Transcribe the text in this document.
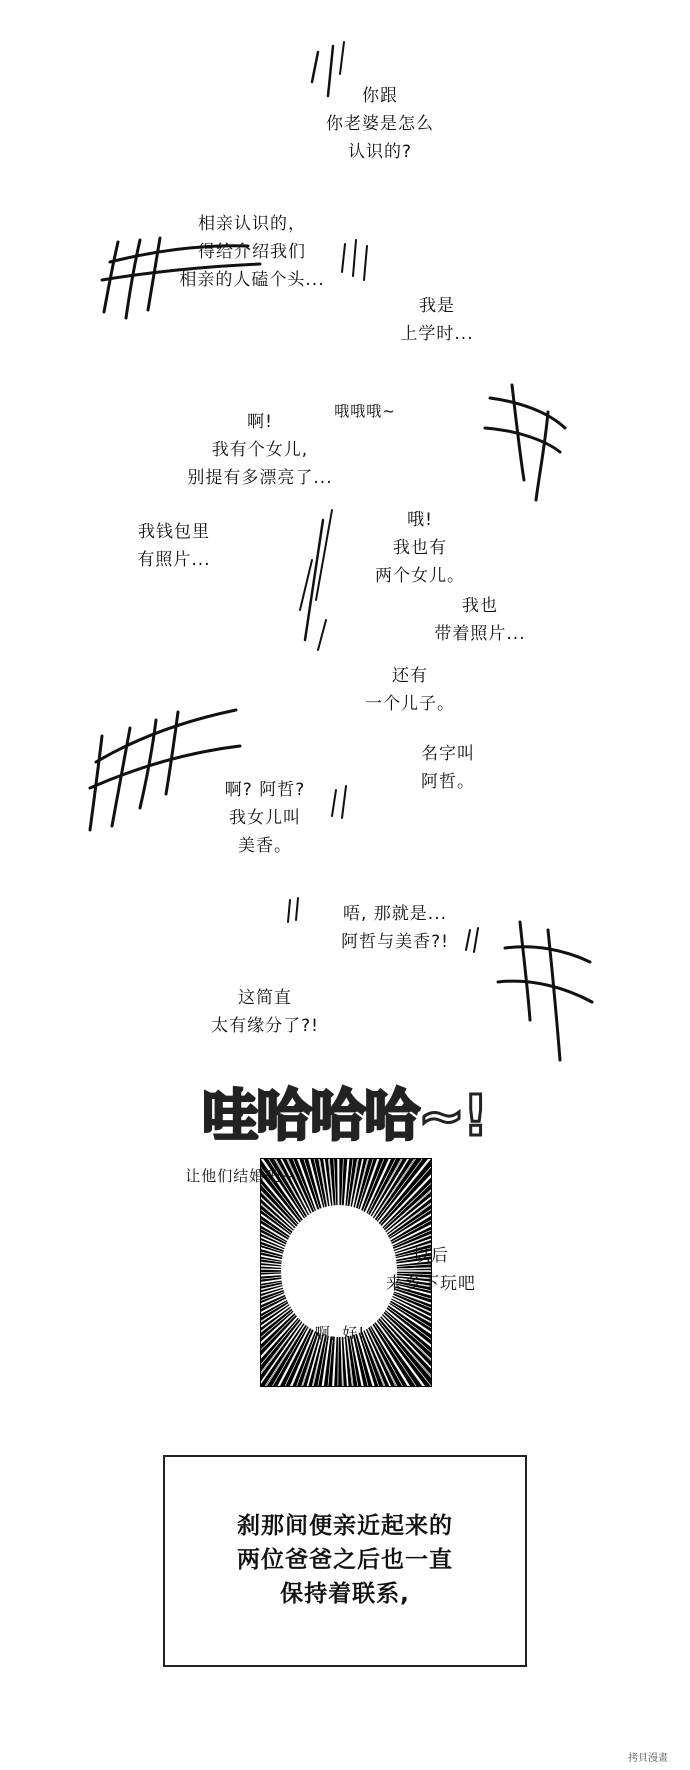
你跟
你老婆是怎么
认识的?
相亲认识的，
得给介绍我们
相亲的人磕个头...
我是
上学时...
哦哦哦~
啊!
我有个女儿,
别提有多漂亮了...
我钱包里
有照片...
哦!
我也有
两个女儿。
我也
带着照片...
还有
一个儿子。
名字叫
阿哲。
啊? 阿哲?
我女儿叫
美香。
唔, 那就是...
阿哲与美香?!
这简直
太有缘分了?!
哇哈哈哈~!
让他们结婚吧~
以后
来乡下玩吧
啊, 好!
刹那间便亲近起来的
两位爸爸之后也一直
保持着联系,
拷貝漫畫
